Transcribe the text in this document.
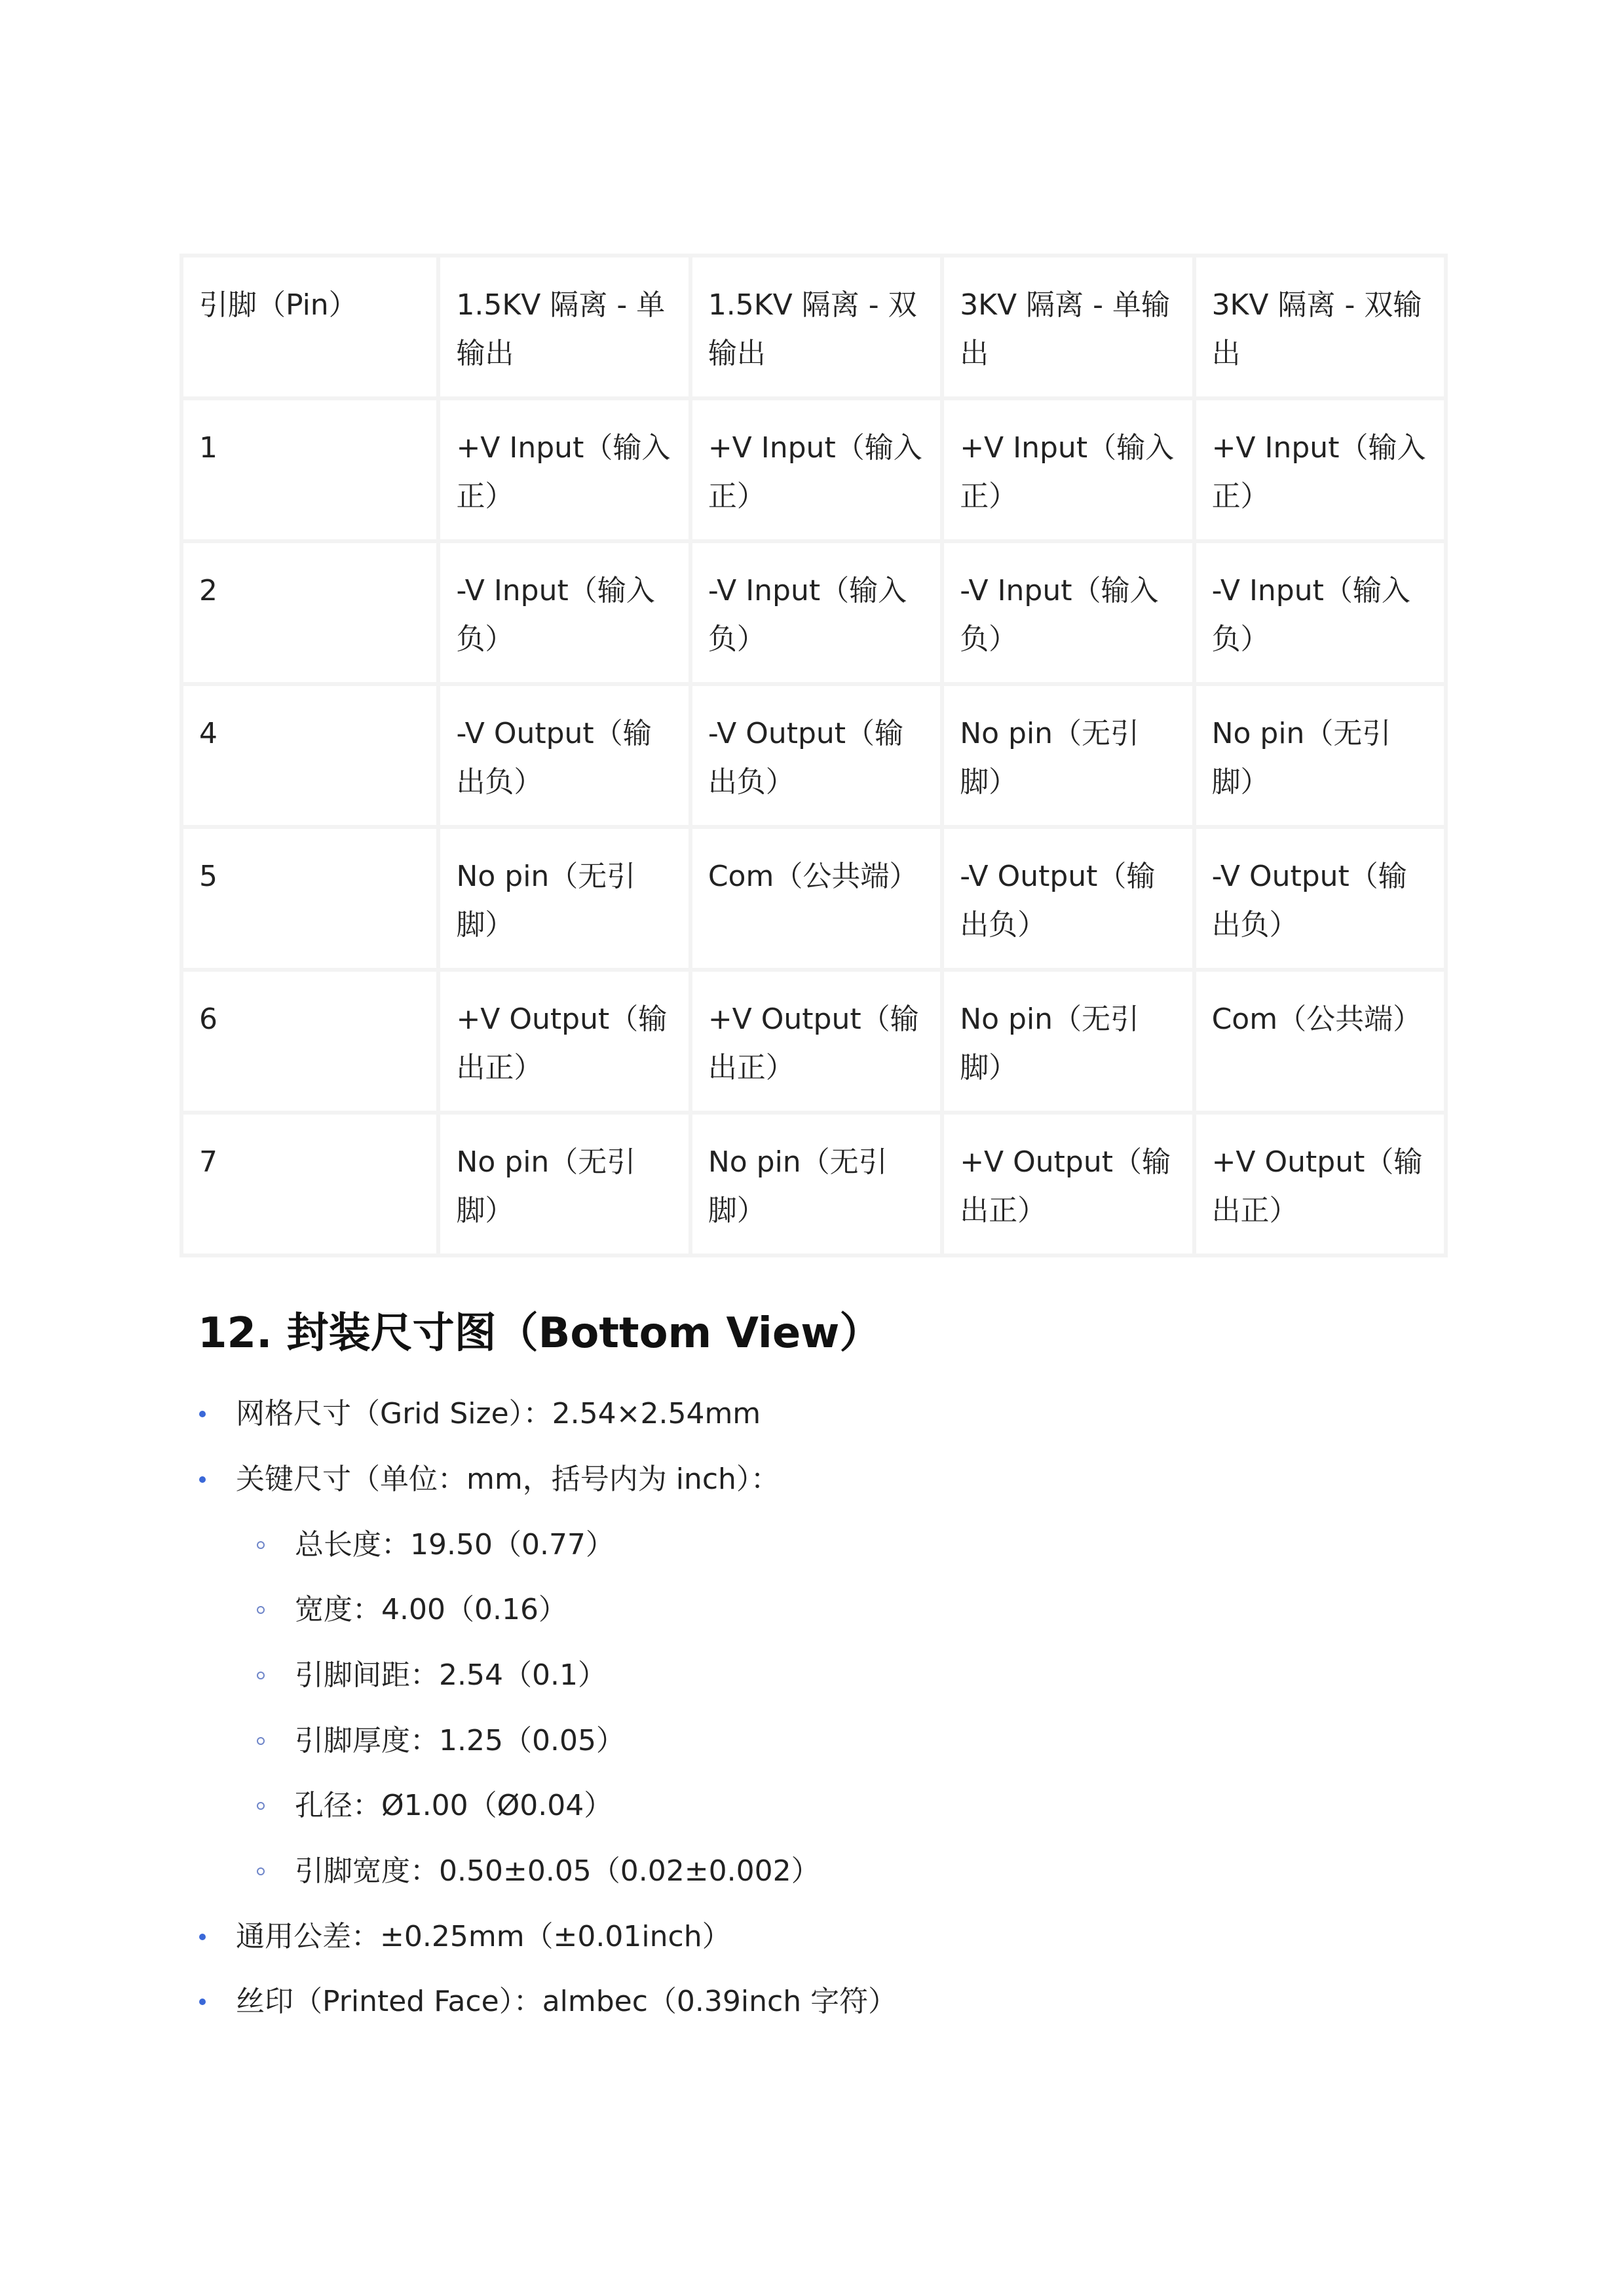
引脚（Pin）	1.5KV 隔离 - 单输出	1.5KV 隔离 - 双输出	3KV 隔离 - 单输出	3KV 隔离 - 双输出
1	+V Input（输入正）	+V Input（输入正）	+V Input（输入正）	+V Input（输入正）
2	-V Input（输入负）	-V Input（输入负）	-V Input（输入负）	-V Input（输入负）
4	-V Output（输出负）	-V Output（输出负）	No pin（无引脚）	No pin（无引脚）
5	No pin（无引脚）	Com（公共端）	-V Output（输出负）	-V Output（输出负）
6	+V Output（输出正）	+V Output（输出正）	No pin（无引脚）	Com（公共端）
7	No pin（无引脚）	No pin（无引脚）	+V Output（输出正）	+V Output（输出正）
12. 封装尺寸图（Bottom View）
网格尺寸（Grid Size）：2.54×2.54mm
关键尺寸（单位：mm，括号内为 inch）：
总长度：19.50（0.77）
宽度：4.00（0.16）
引脚间距：2.54（0.1）
引脚厚度：1.25（0.05）
孔径：Ø1.00（Ø0.04）
引脚宽度：0.50±0.05（0.02±0.002）
通用公差：±0.25mm（±0.01inch）
丝印（Printed Face）：almbec（0.39inch 字符）
